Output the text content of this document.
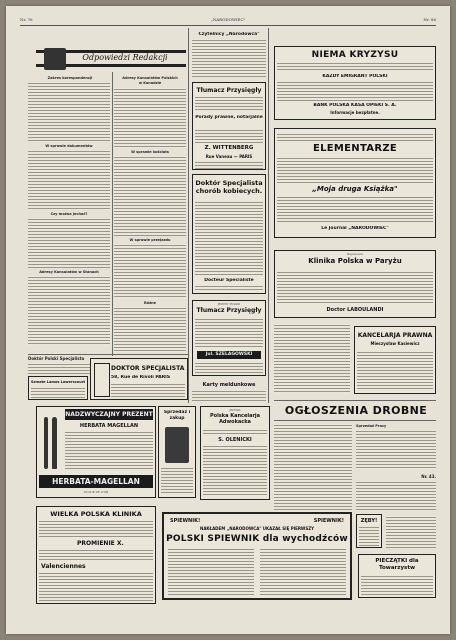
Nr. 76	„NARODOWIEC"	Nr. 86
Odpowiedzi Redakcji
Zakres korespondencji
W sprawie dokumentów
Czy można jechać?
Adresy Konsulatów w Stanach
Adresy Konsulatów Polskich
w Kanadzie
W sprawie kościoła
W sprawie przejazdu
Różne
Doktór Polski Specjalista
Szmate Lamos Lowerscourt
DOKTÓR SPECJALISTA
58, Rue de Rivoli PARIS
Czytelnicy „Narodowca"
Tłumacz Przysięgły
Porady prawne, notarjalne
Z. WITTENBERG
Rue Vaneau — PARIS
Doktór Specjalista chorób kobiecych.
Docteur Specialiste
JEDYNY POLSKI
Tłumacz Przysięgły
Jul. SZELAGOWSKI
Karty meldunkowe
NIEMA KRYZYSU
KAŻDY EMIGRANT POLSKI
BANK POLSKA KASA OPIEKI S. A.
Informacje bezpłatne.
ELEMENTARZE
„Moja druga Książka"
Le Journal „NARODOWIEC"
Najstarsza
Klinika Polska w Paryżu
Doctor LABOULANDI
KANCELARJA PRAWNA
Mieczysław Kasiewicz
OGŁOSZENIA DROBNE
Sprzedaż Pracy
Nr. 43.
ZĘBY!
PIECZĄTKI dla Towarzystw
NADZWYCZAJNY PREZENT
HERBATA MAGELLAN
HERBATA-MAGELLAN
90 RUE DE LYON
Sprzedaż i zakup
JEDYNA
Polska Kancelarja Adwokacka
S. OLENICKI
WIELKA POLSKA KLINIKA
PROMIENIE X.
Valenciennes
ŚPIEWNIK!	ŚPIEWNIK!
NAKŁADEM „NARODOWCA" UKAZAŁ SIĘ PIERWSZY
POLSKI ŚPIEWNIK dla wychodźców
